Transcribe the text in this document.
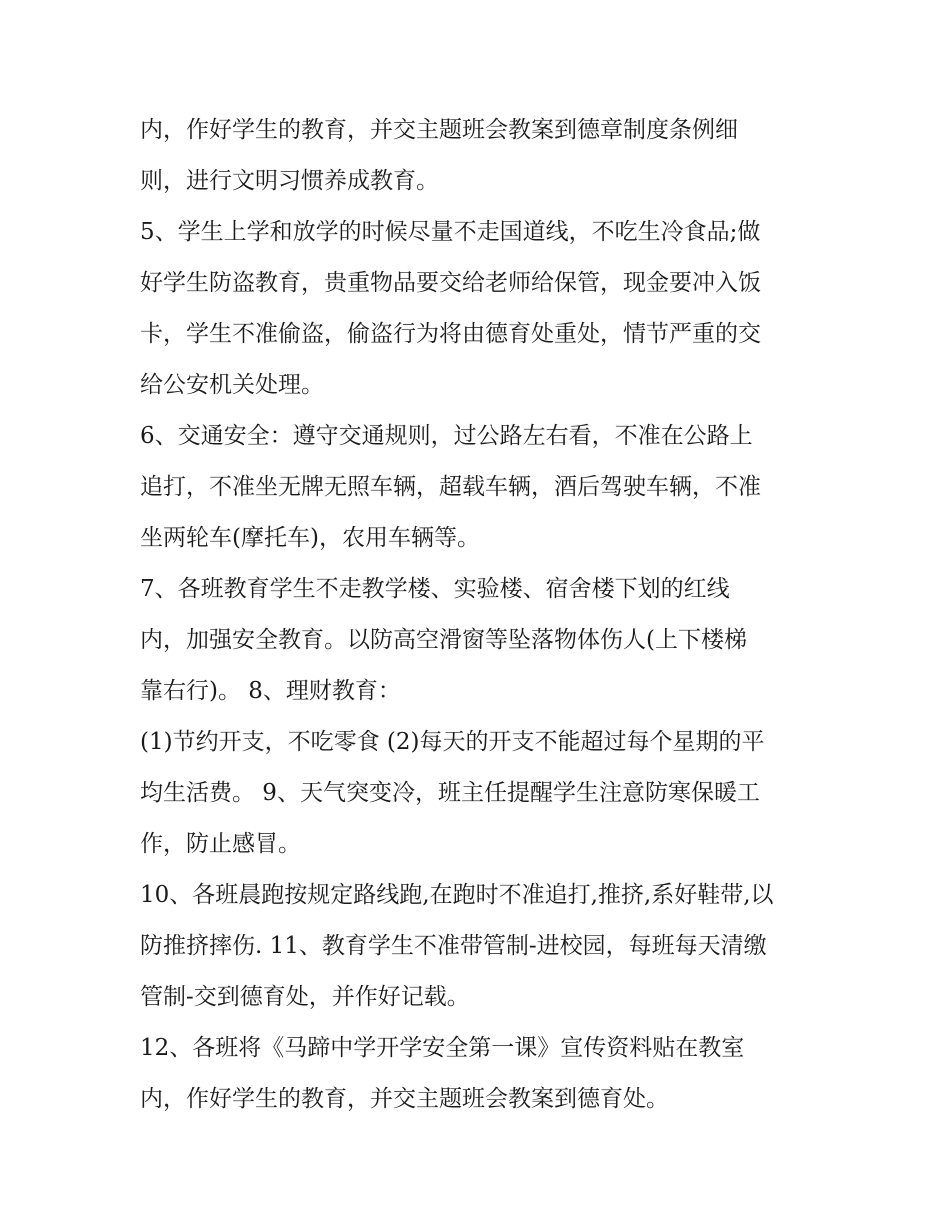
内，作好学生的教育，并交主题班会教案到德章制度条例细
则，进行文明习惯养成教育。

5、学生上学和放学的时候尽量不走国道线，不吃生冷食品;做
好学生防盗教育，贵重物品要交给老师给保管，现金要冲入饭
卡，学生不准偷盗，偷盗行为将由德育处重处，情节严重的交
给公安机关处理。

6、交通安全：遵守交通规则，过公路左右看，不准在公路上
追打，不准坐无牌无照车辆，超载车辆，酒后驾驶车辆，不准
坐两轮车(摩托车)，农用车辆等。

7、各班教育学生不走教学楼、实验楼、宿舍楼下划的红线
内，加强安全教育。以防高空滑窗等坠落物体伤人(上下楼梯
靠右行)。 8、理财教育：

(1)节约开支，不吃零食 (2)每天的开支不能超过每个星期的平
均生活费。 9、天气突变冷，班主任提醒学生注意防寒保暖工
作，防止感冒。

10、各班晨跑按规定路线跑,在跑时不准追打,推挤,系好鞋带,以
防推挤摔伤. 11、教育学生不准带管制-进校园，每班每天清缴
管制-交到德育处，并作好记载。

12、各班将《马蹄中学开学安全第一课》宣传资料贴在教室
内，作好学生的教育，并交主题班会教案到德育处。
